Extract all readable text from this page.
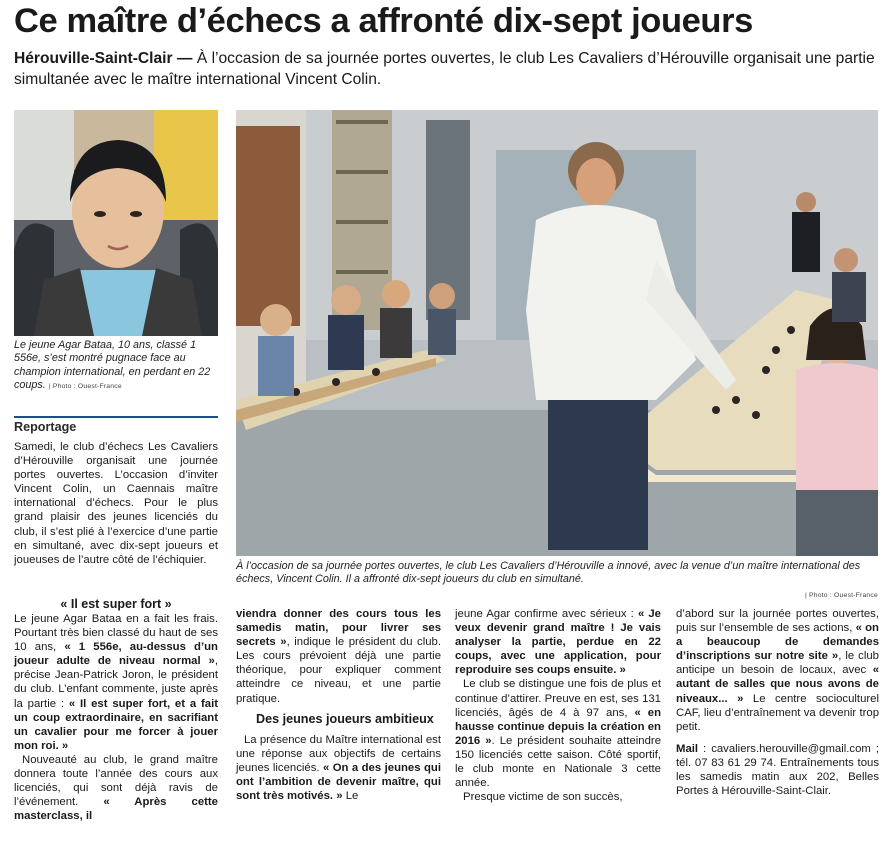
Ce maître d’échecs a affronté dix-sept joueurs
Hérouville-Saint-Clair — À l’occasion de sa journée portes ouvertes, le club Les Cavaliers d’Hérouville organisait une partie simultanée avec le maître international Vincent Colin.
Le jeune Agar Bataa, 10 ans, classé 1 556e, s’est montré pugnace face au champion international, en perdant en 22 coups. | Photo : Ouest-France
À l’occasion de sa journée portes ouvertes, le club Les Cavaliers d’Hérouville a innové, avec la venue d’un maître international des échecs, Vincent Colin. Il a affronté dix-sept joueurs du club en simultané.
| Photo : Ouest-France
Reportage

Samedi, le club d’échecs Les Cavaliers d’Hérouville organisait une journée portes ouvertes. L’occasion d’inviter Vincent Colin, un Caennais maître international d’échecs. Pour le plus grand plaisir des jeunes licenciés du club, il s’est plié à l’exercice d’une partie en simultané, avec dix-sept joueurs et joueuses de l’autre côté de l’échiquier.

« Il est super fort »

Le jeune Agar Bataa en a fait les frais. Pourtant très bien classé du haut de ses 10 ans, « 1 556e, au-dessus d’un joueur adulte de niveau normal », précise Jean-Patrick Joron, le président du club. L’enfant commente, juste après la partie : « Il est super fort, et a fait un coup extraordinaire, en sacrifiant un cavalier pour me forcer à jouer mon roi. »

Nouveauté au club, le grand maître donnera toute l’année des cours aux licenciés, qui sont déjà ravis de l’événement. « Après cette masterclass, il

viendra donner des cours tous les samedis matin, pour livrer ses secrets », indique le président du club. Les cours prévoient déjà une partie théorique, pour expliquer comment atteindre ce niveau, et une partie pratique.

Des jeunes joueurs ambitieux

La présence du Maître international est une réponse aux objectifs de certains jeunes licenciés. « On a des jeunes qui ont l’ambition de devenir maître, qui sont très motivés. » Le

jeune Agar confirme avec sérieux : « Je veux devenir grand maître ! Je vais analyser la partie, perdue en 22 coups, avec une application, pour reproduire ses coups ensuite. »

Le club se distingue une fois de plus et continue d’attirer. Preuve en est, ses 131 licenciés, âgés de 4 à 97 ans, « en hausse continue depuis la création en 2016 ». Le président souhaite atteindre 150 licenciés cette saison. Côté sportif, le club monte en Nationale 3 cette année.

Presque victime de son succès,

d’abord sur la journée portes ouvertes, puis sur l’ensemble de ses actions, « on a beaucoup de demandes d’inscriptions sur notre site », le club anticipe un besoin de locaux, avec « autant de salles que nous avons de niveaux... » Le centre socioculturel CAF, lieu d’entraînement va devenir trop petit.

Mail : cavaliers.herouville@gmail.com ; tél. 07 83 61 29 74. Entraînements tous les samedis matin aux 202, Belles Portes à Hérouville-Saint-Clair.
